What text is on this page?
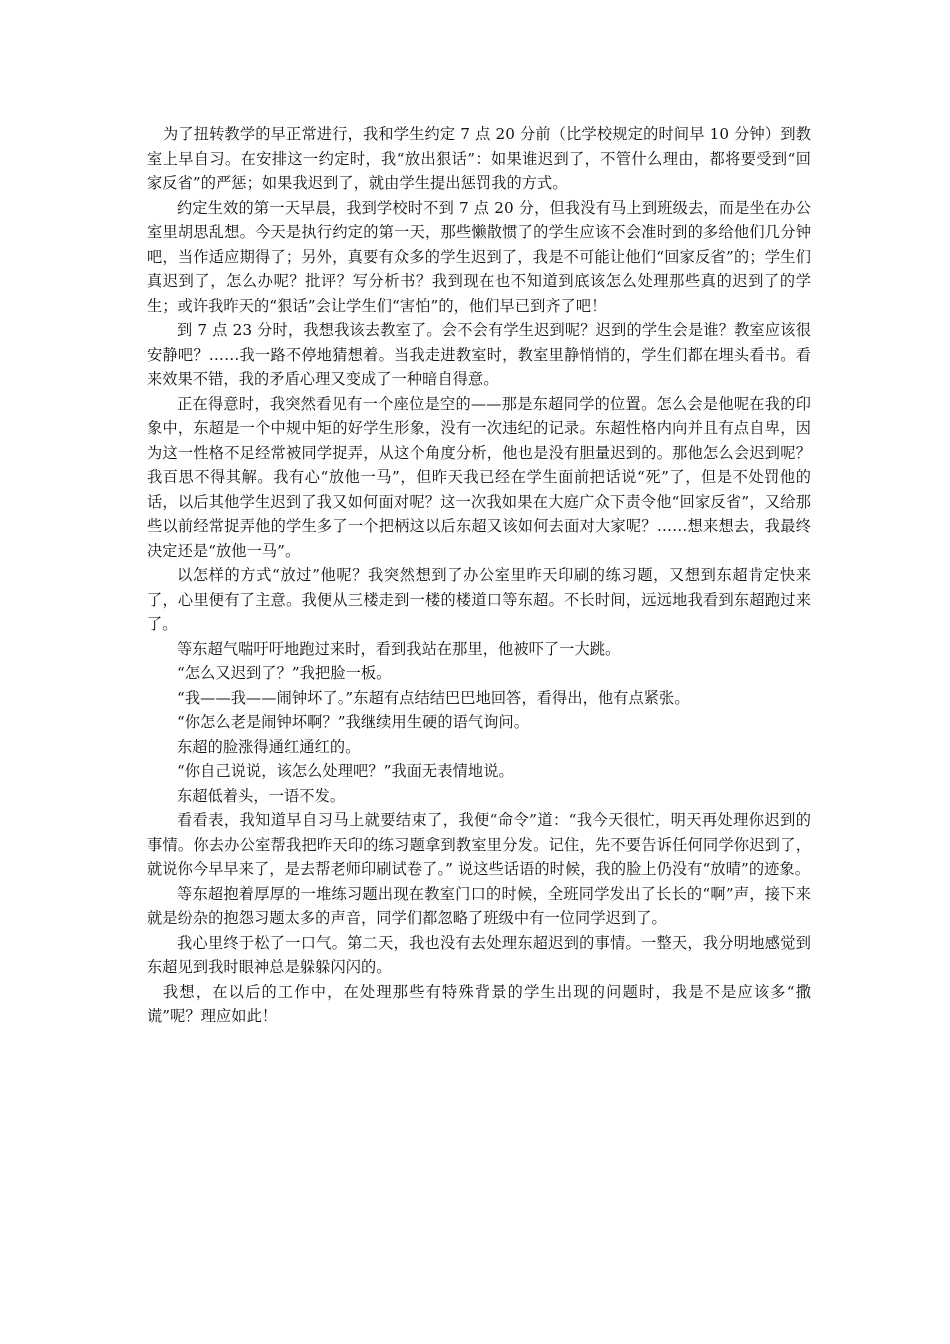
为了扭转教学的早正常进行，我和学生约定 7 点 20 分前（比学校规定的时间早 10 分钟）到教室上早自习。在安排这一约定时，我“放出狠话”：如果谁迟到了，不管什么理由，都将要受到“回家反省”的严惩；如果我迟到了，就由学生提出惩罚我的方式。

约定生效的第一天早晨，我到学校时不到 7 点 20 分，但我没有马上到班级去，而是坐在办公室里胡思乱想。今天是执行约定的第一天，那些懒散惯了的学生应该不会准时到的多给他们几分钟吧，当作适应期得了；另外，真要有众多的学生迟到了，我是不可能让他们“回家反省”的；学生们真迟到了，怎么办呢？批评？写分析书？我到现在也不知道到底该怎么处理那些真的迟到了的学生；或许我昨天的“狠话”会让学生们“害怕”的，他们早已到齐了吧！

到 7 点 23 分时，我想我该去教室了。会不会有学生迟到呢？迟到的学生会是谁？教室应该很安静吧？……我一路不停地猜想着。当我走进教室时，教室里静悄悄的，学生们都在埋头看书。看来效果不错，我的矛盾心理又变成了一种暗自得意。

正在得意时，我突然看见有一个座位是空的——那是东超同学的位置。怎么会是他呢在我的印象中，东超是一个中规中矩的好学生形象，没有一次违纪的记录。东超性格内向并且有点自卑，因为这一性格不足经常被同学捉弄，从这个角度分析，他也是没有胆量迟到的。那他怎么会迟到呢？我百思不得其解。我有心“放他一马”，但昨天我已经在学生面前把话说“死”了，但是不处罚他的话，以后其他学生迟到了我又如何面对呢？这一次我如果在大庭广众下责令他“回家反省”，又给那些以前经常捉弄他的学生多了一个把柄这以后东超又该如何去面对大家呢？……想来想去，我最终决定还是“放他一马”。

以怎样的方式“放过”他呢？我突然想到了办公室里昨天印刷的练习题，又想到东超肯定快来了，心里便有了主意。我便从三楼走到一楼的楼道口等东超。不长时间，远远地我看到东超跑过来了。

等东超气喘吁吁地跑过来时，看到我站在那里，他被吓了一大跳。

“怎么又迟到了？”我把脸一板。

“我——我——闹钟坏了。”东超有点结结巴巴地回答，看得出，他有点紧张。

“你怎么老是闹钟坏啊？”我继续用生硬的语气询问。

东超的脸涨得通红通红的。

“你自己说说，该怎么处理吧？”我面无表情地说。

东超低着头，一语不发。

看看表，我知道早自习马上就要结束了，我便“命令”道：“我今天很忙，明天再处理你迟到的事情。你去办公室帮我把昨天印的练习题拿到教室里分发。记住，先不要告诉任何同学你迟到了，就说你今早早来了，是去帮老师印刷试卷了。” 说这些话语的时候，我的脸上仍没有“放晴”的迹象。

等东超抱着厚厚的一堆练习题出现在教室门口的时候，全班同学发出了长长的“啊”声，接下来就是纷杂的抱怨习题太多的声音，同学们都忽略了班级中有一位同学迟到了。

我心里终于松了一口气。第二天，我也没有去处理东超迟到的事情。一整天，我分明地感觉到东超见到我时眼神总是躲躲闪闪的。

我想，在以后的工作中，在处理那些有特殊背景的学生出现的问题时，我是不是应该多“撒谎”呢？理应如此！
